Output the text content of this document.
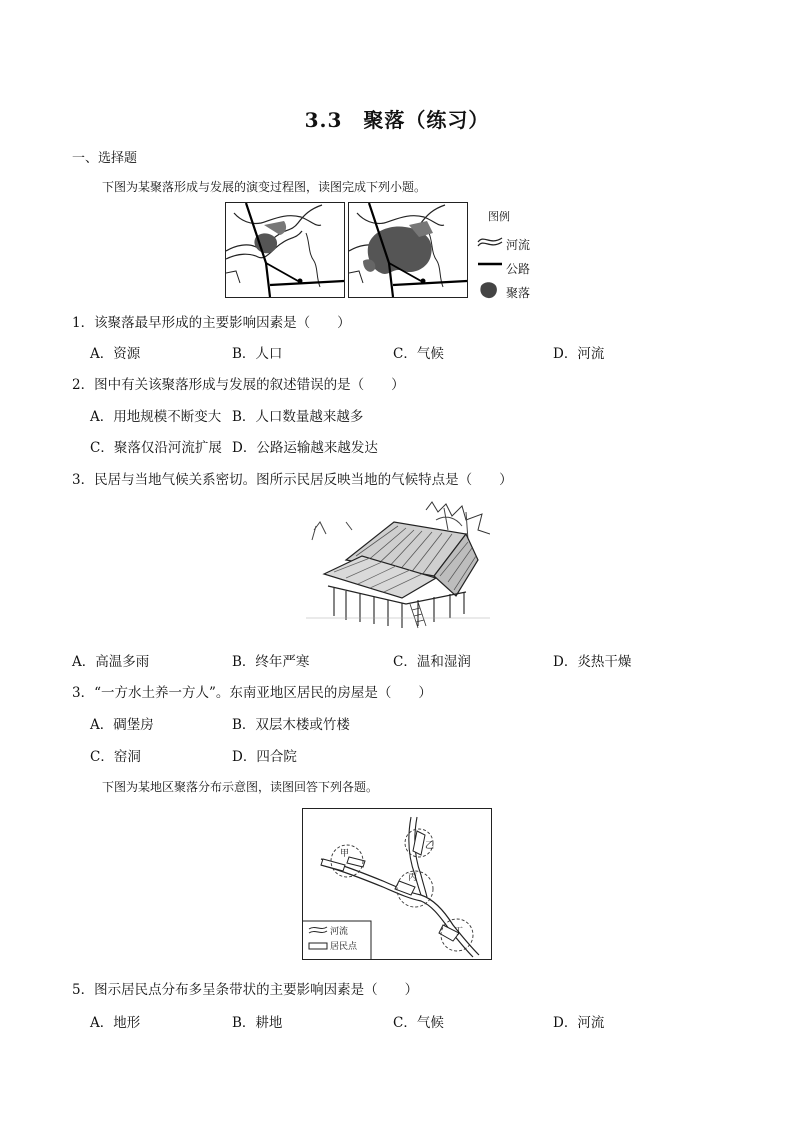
3.3　聚落（练习）
一、选择题
下图为某聚落形成与发展的演变过程图，读图完成下列小题。
图例
河流
公路
聚落
1．该聚落最早形成的主要影响因素是（　　）
A．资源	B．人口	C．气候	D．河流
2．图中有关该聚落形成与发展的叙述错误的是（　　）
A．用地规模不断变大 B．人口数量越来越多
C．聚落仅沿河流扩展 D．公路运输越来越发达
3．民居与当地气候关系密切。图所示民居反映当地的气候特点是（　　）
A．高温多雨	B．终年严寒	C．温和湿润	D．炎热干燥
3．“一方水土养一方人”。东南亚地区居民的房屋是（　　）
A．碉堡房	B．双层木楼或竹楼
C．窑洞	D．四合院
下图为某地区聚落分布示意图，读图回答下列各题。
甲
乙
丙
丁
河流
居民点
5．图示居民点分布多呈条带状的主要影响因素是（　　）
A．地形	B．耕地	C．气候	D．河流
